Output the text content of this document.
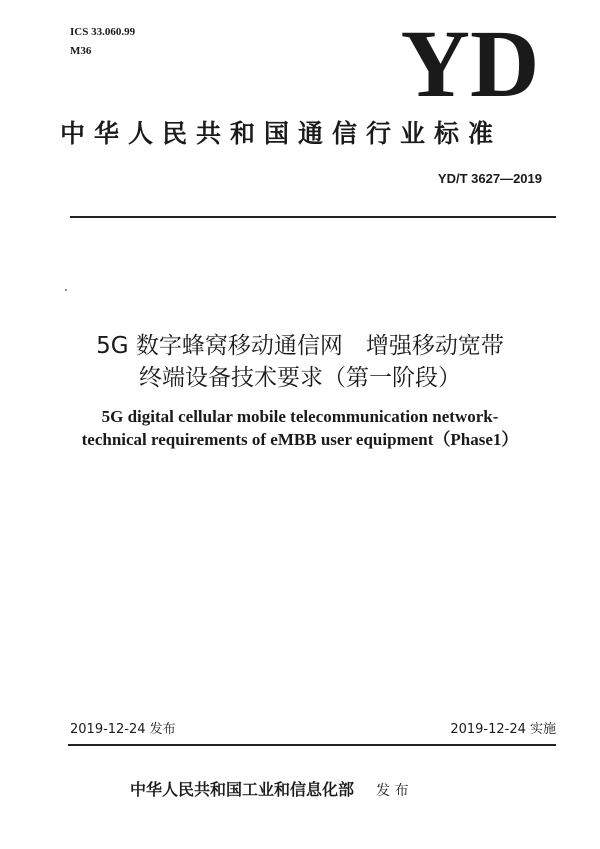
ICS 33.060.99
M36	YD
中华人民共和国通信行业标准
YD/T 3627—2019
5G 数字蜂窝移动通信网　增强移动宽带
终端设备技术要求（第一阶段）
5G digital cellular mobile telecommunication network-
technical requirements of eMBB user equipment（Phase1）
2019-12-24 发布	2019-12-24 实施
中华人民共和国工业和信息化部 发 布
